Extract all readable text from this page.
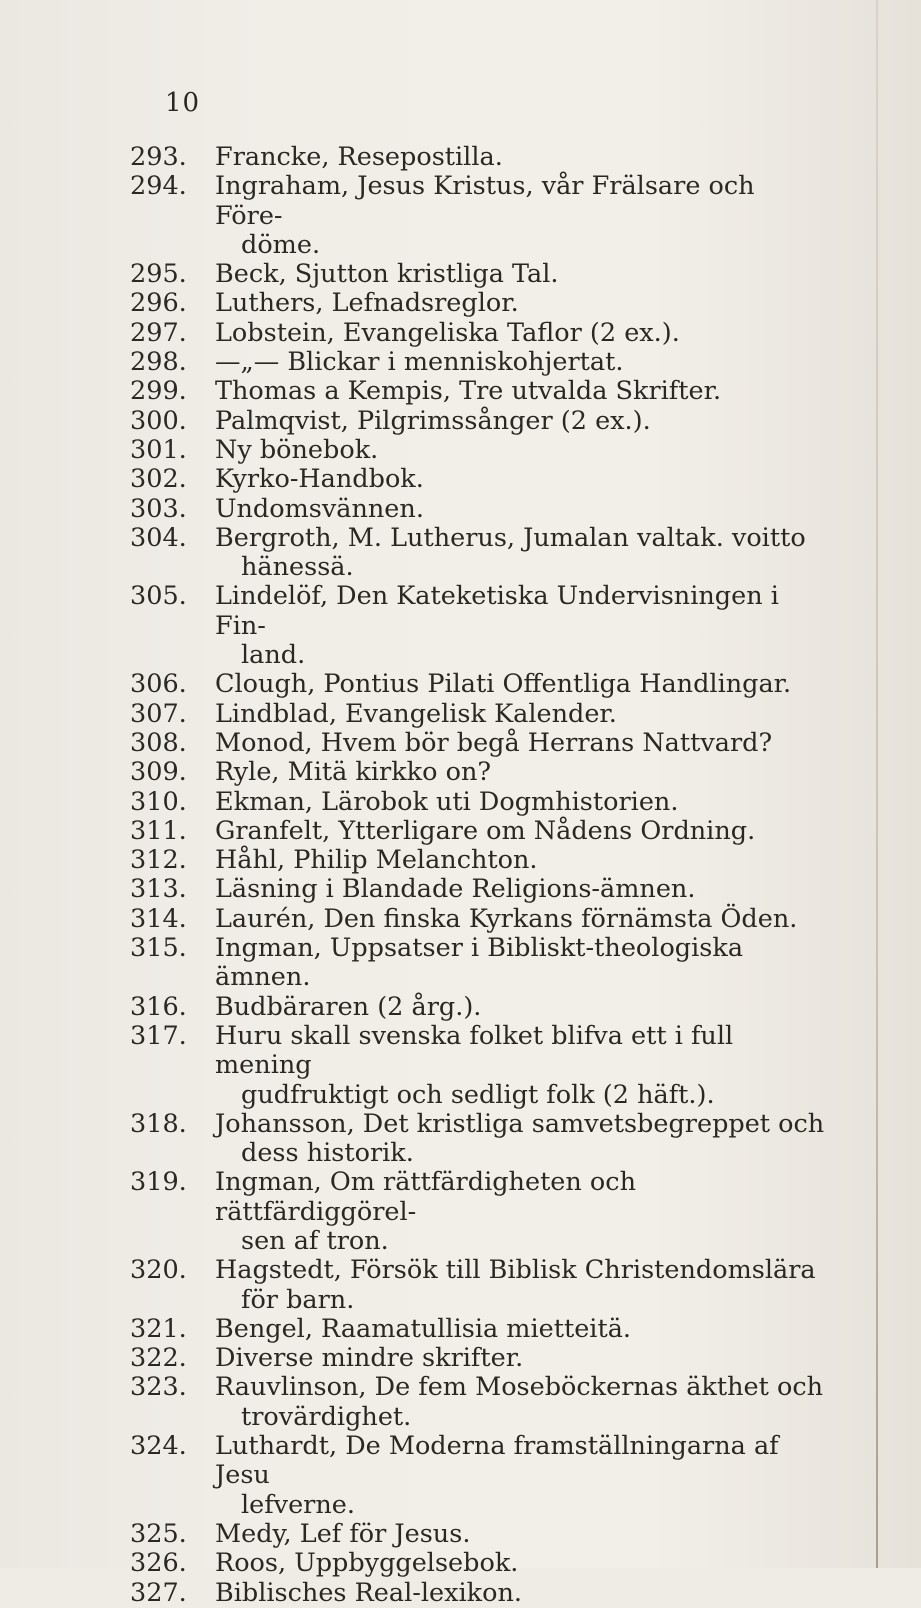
10
293.	Francke, Resepostilla.
294.	Ingraham, Jesus Kristus, vår Frälsare och Före-
döme.
295.	Beck, Sjutton kristliga Tal.
296.	Luthers, Lefnadsreglor.
297.	Lobstein, Evangeliska Taflor (2 ex.).
298.	—„— Blickar i menniskohjertat.
299.	Thomas a Kempis, Tre utvalda Skrifter.
300.	Palmqvist, Pilgrimssånger (2 ex.).
301.	Ny bönebok.
302.	Kyrko-Handbok.
303.	Undomsvännen.
304.	Bergroth, M. Lutherus, Jumalan valtak. voitto
hänessä.
305.	Lindelöf, Den Kateketiska Undervisningen i Fin-
land.
306.	Clough, Pontius Pilati Offentliga Handlingar.
307.	Lindblad, Evangelisk Kalender.
308.	Monod, Hvem bör begå Herrans Nattvard?
309.	Ryle, Mitä kirkko on?
310.	Ekman, Lärobok uti Dogmhistorien.
311.	Granfelt, Ytterligare om Nådens Ordning.
312.	Håhl, Philip Melanchton.
313.	Läsning i Blandade Religions-ämnen.
314.	Laurén, Den finska Kyrkans förnämsta Öden.
315.	Ingman, Uppsatser i Bibliskt-theologiska ämnen.
316.	Budbäraren (2 årg.).
317.	Huru skall svenska folket blifva ett i full mening
gudfruktigt och sedligt folk (2 häft.).
318.	Johansson, Det kristliga samvetsbegreppet och
dess historik.
319.	Ingman, Om rättfärdigheten och rättfärdiggörel-
sen af tron.
320.	Hagstedt, Försök till Biblisk Christendomslära
för barn.
321.	Bengel, Raamatullisia mietteitä.
322.	Diverse mindre skrifter.
323.	Rauvlinson, De fem Moseböckernas äkthet och
trovärdighet.
324.	Luthardt, De Moderna framställningarna af Jesu
lefverne.
325.	Medy, Lef för Jesus.
326.	Roos, Uppbyggelsebok.
327.	Biblisches Real-lexikon.
